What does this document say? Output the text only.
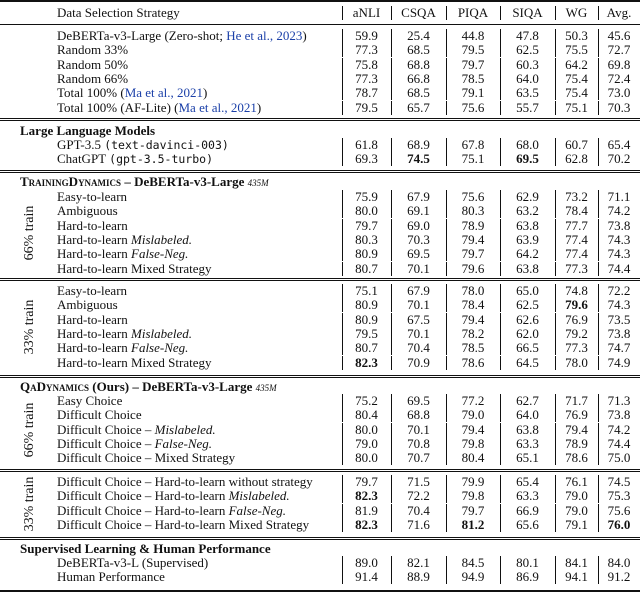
Data Selection Strategy	aNLI	CSQA	PIQA	SIQA	WG	Avg.
DeBERTa-v3-Large (Zero-shot; He et al., 2023)	59.9	25.4	44.8	47.8	50.3	45.6
Random 33%	77.3	68.5	79.5	62.5	75.5	72.7
Random 50%	75.8	68.8	79.7	60.3	64.2	69.8
Random 66%	77.3	66.8	78.5	64.0	75.4	72.4
Total 100% (Ma et al., 2021)	78.7	68.5	79.1	63.5	75.4	73.0
Total 100% (AF-Lite) (Ma et al., 2021)	79.5	65.7	75.6	55.7	75.1	70.3
Large Language Models
GPT-3.5 (text-davinci-003)	61.8	68.9	67.8	68.0	60.7	65.4
ChatGPT (gpt-3.5-turbo)	69.3	74.5	75.1	69.5	62.8	70.2
TrainingDynamics – DeBERTa-v3-Large 435M
66% train
Easy-to-learn	75.9	67.9	75.6	62.9	73.2	71.1
Ambiguous	80.0	69.1	80.3	63.2	78.4	74.2
Hard-to-learn	79.7	69.0	78.9	63.8	77.7	73.8
Hard-to-learn Mislabeled.	80.3	70.3	79.4	63.9	77.4	74.3
Hard-to-learn False-Neg.	80.9	69.5	79.7	64.2	77.4	74.3
Hard-to-learn Mixed Strategy	80.7	70.1	79.6	63.8	77.3	74.4
33% train
Easy-to-learn	75.1	67.9	78.0	65.0	74.8	72.2
Ambiguous	80.9	70.1	78.4	62.5	79.6	74.3
Hard-to-learn	80.9	67.5	79.4	62.6	76.9	73.5
Hard-to-learn Mislabeled.	79.5	70.1	78.2	62.0	79.2	73.8
Hard-to-learn False-Neg.	80.7	70.4	78.5	66.5	77.3	74.7
Hard-to-learn Mixed Strategy	82.3	70.9	78.6	64.5	78.0	74.9
QaDynamics (Ours) – DeBERTa-v3-Large 435M
66% train
Easy Choice	75.2	69.5	77.2	62.7	71.7	71.3
Difficult Choice	80.4	68.8	79.0	64.0	76.9	73.8
Difficult Choice – Mislabeled.	80.0	70.1	79.4	63.8	79.4	74.2
Difficult Choice – False-Neg.	79.0	70.8	79.8	63.3	78.9	74.4
Difficult Choice – Mixed Strategy	80.0	70.7	80.4	65.1	78.6	75.0
33% train Difficult Choice – Hard-to-learn without strategy	79.7	71.5	79.9	65.4	76.1	74.5
Difficult Choice – Hard-to-learn Mislabeled.	82.3	72.2	79.8	63.3	79.0	75.3
Difficult Choice – Hard-to-learn False-Neg.	81.9	70.4	79.7	66.9	79.0	75.6
Difficult Choice – Hard-to-learn Mixed Strategy	82.3	71.6	81.2	65.6	79.1	76.0
Supervised Learning & Human Performance
DeBERTa-v3-L (Supervised)	89.0	82.1	84.5	80.1	84.1	84.0
Human Performance	91.4	88.9	94.9	86.9	94.1	91.2
